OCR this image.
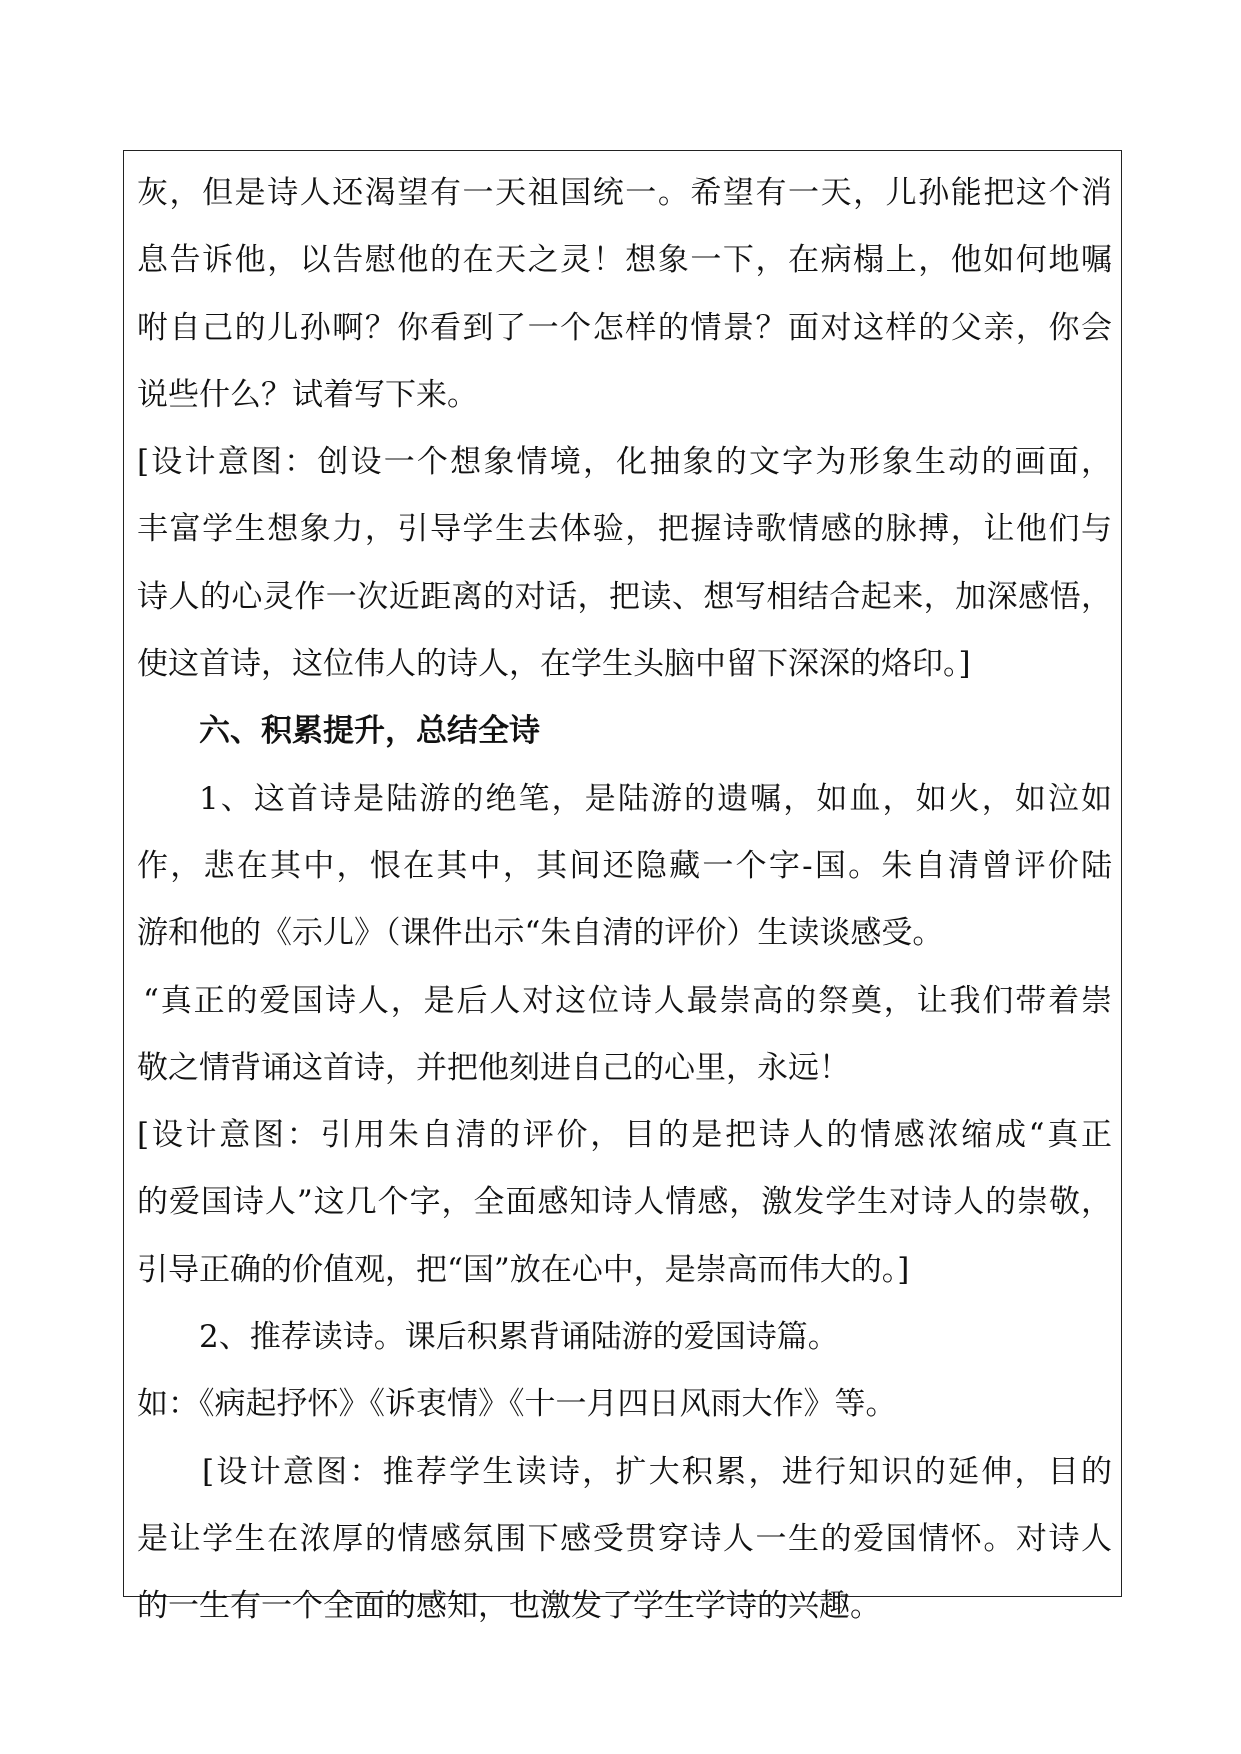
灰，但是诗人还渴望有一天祖国统一。希望有一天，儿孙能把这个消
息告诉他，以告慰他的在天之灵！想象一下，在病榻上，他如何地嘱
咐自己的儿孙啊？你看到了一个怎样的情景？面对这样的父亲，你会
说些什么？试着写下来。
[设计意图：创设一个想象情境，化抽象的文字为形象生动的画面，
丰富学生想象力，引导学生去体验，把握诗歌情感的脉搏，让他们与
诗人的心灵作一次近距离的对话，把读、想写相结合起来，加深感悟，
使这首诗，这位伟人的诗人，在学生头脑中留下深深的烙印。]
六、积累提升，总结全诗
1、这首诗是陆游的绝笔，是陆游的遗嘱，如血，如火，如泣如
作，悲在其中，恨在其中，其间还隐藏一个字-国。朱自清曾评价陆
游和他的《示儿》（课件出示“朱自清的评价）生读谈感受。
“真正的爱国诗人，是后人对这位诗人最崇高的祭奠，让我们带着崇
敬之情背诵这首诗，并把他刻进自己的心里，永远！
[设计意图：引用朱自清的评价，目的是把诗人的情感浓缩成“真正
的爱国诗人”这几个字，全面感知诗人情感，激发学生对诗人的崇敬，
引导正确的价值观，把“国”放在心中，是崇高而伟大的。]
2、推荐读诗。课后积累背诵陆游的爱国诗篇。
如：《病起抒怀》《诉衷情》《十一月四日风雨大作》等。
[设计意图：推荐学生读诗，扩大积累，进行知识的延伸，目的
是让学生在浓厚的情感氛围下感受贯穿诗人一生的爱国情怀。对诗人
的一生有一个全面的感知，也激发了学生学诗的兴趣。
